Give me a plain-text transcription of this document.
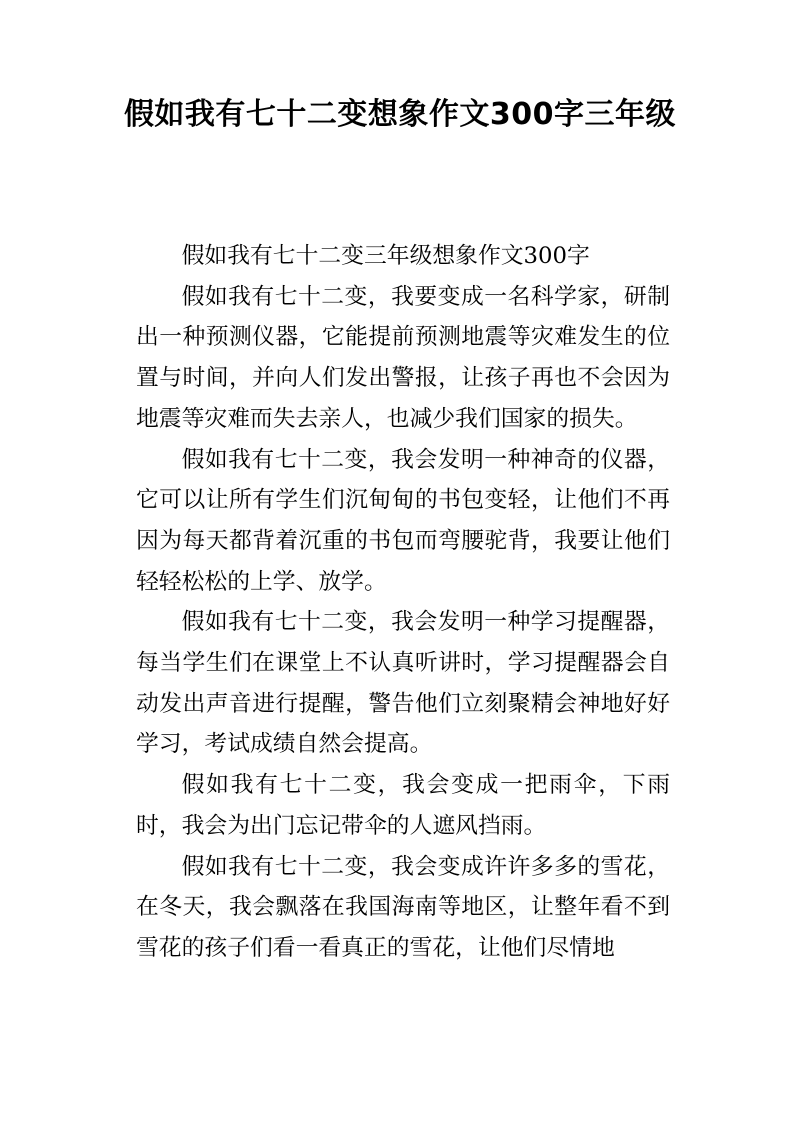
假如我有七十二变想象作文300字三年级

假如我有七十二变三年级想象作文300字

假如我有七十二变，我要变成一名科学家，研制出一种预测仪器，它能提前预测地震等灾难发生的位置与时间，并向人们发出警报，让孩子再也不会因为地震等灾难而失去亲人，也减少我们国家的损失。

假如我有七十二变，我会发明一种神奇的仪器，它可以让所有学生们沉甸甸的书包变轻，让他们不再因为每天都背着沉重的书包而弯腰驼背，我要让他们轻轻松松的上学、放学。

假如我有七十二变，我会发明一种学习提醒器，每当学生们在课堂上不认真听讲时，学习提醒器会自动发出声音进行提醒，警告他们立刻聚精会神地好好学习，考试成绩自然会提高。

假如我有七十二变，我会变成一把雨伞，下雨时，我会为出门忘记带伞的人遮风挡雨。

假如我有七十二变，我会变成许许多多的雪花，在冬天，我会飘落在我国海南等地区，让整年看不到雪花的孩子们看一看真正的雪花，让他们尽情地
